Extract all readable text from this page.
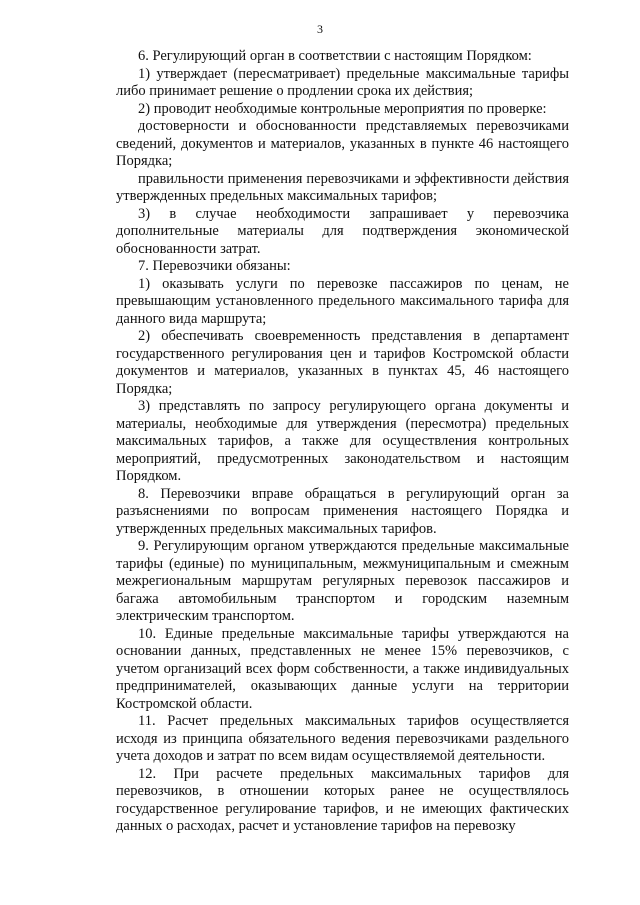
3

6. Регулирующий орган в соответствии с настоящим Порядком:

1) утверждает (пересматривает) предельные максимальные тарифы либо принимает решение о продлении срока их действия;

2) проводит необходимые контрольные мероприятия по проверке:

достоверности и обоснованности представляемых перевозчиками сведений, документов и материалов, указанных в пункте 46 настоящего Порядка;

правильности применения перевозчиками и эффективности действия утвержденных предельных максимальных тарифов;

3) в случае необходимости запрашивает у перевозчика дополнительные материалы для подтверждения экономической обоснованности затрат.

7. Перевозчики обязаны:

1) оказывать услуги по перевозке пассажиров по ценам, не превышающим установленного предельного максимального тарифа для данного вида маршрута;

2) обеспечивать своевременность представления в департамент государственного регулирования цен и тарифов Костромской области документов и материалов, указанных в пунктах 45, 46 настоящего Порядка;

3) представлять по запросу регулирующего органа документы и материалы, необходимые для утверждения (пересмотра) предельных максимальных тарифов, а также для осуществления контрольных мероприятий, предусмотренных законодательством и настоящим Порядком.

8. Перевозчики вправе обращаться в регулирующий орган за разъяснениями по вопросам применения настоящего Порядка и утвержденных предельных максимальных тарифов.

9. Регулирующим органом утверждаются предельные максимальные тарифы (единые) по муниципальным, межмуниципальным и смежным межрегиональным маршрутам регулярных перевозок пассажиров и багажа автомобильным транспортом и городским наземным электрическим транспортом.

10. Единые предельные максимальные тарифы утверждаются на основании данных, представленных не менее 15% перевозчиков, с учетом организаций всех форм собственности, а также индивидуальных предпринимателей, оказывающих данные услуги на территории Костромской области.

11. Расчет предельных максимальных тарифов осуществляется исходя из принципа обязательного ведения перевозчиками раздельного учета доходов и затрат по всем видам осуществляемой деятельности.

12. При расчете предельных максимальных тарифов для перевозчиков, в отношении которых ранее не осуществлялось государственное регулирование тарифов, и не имеющих фактических данных о расходах, расчет и установление тарифов на перевозку
